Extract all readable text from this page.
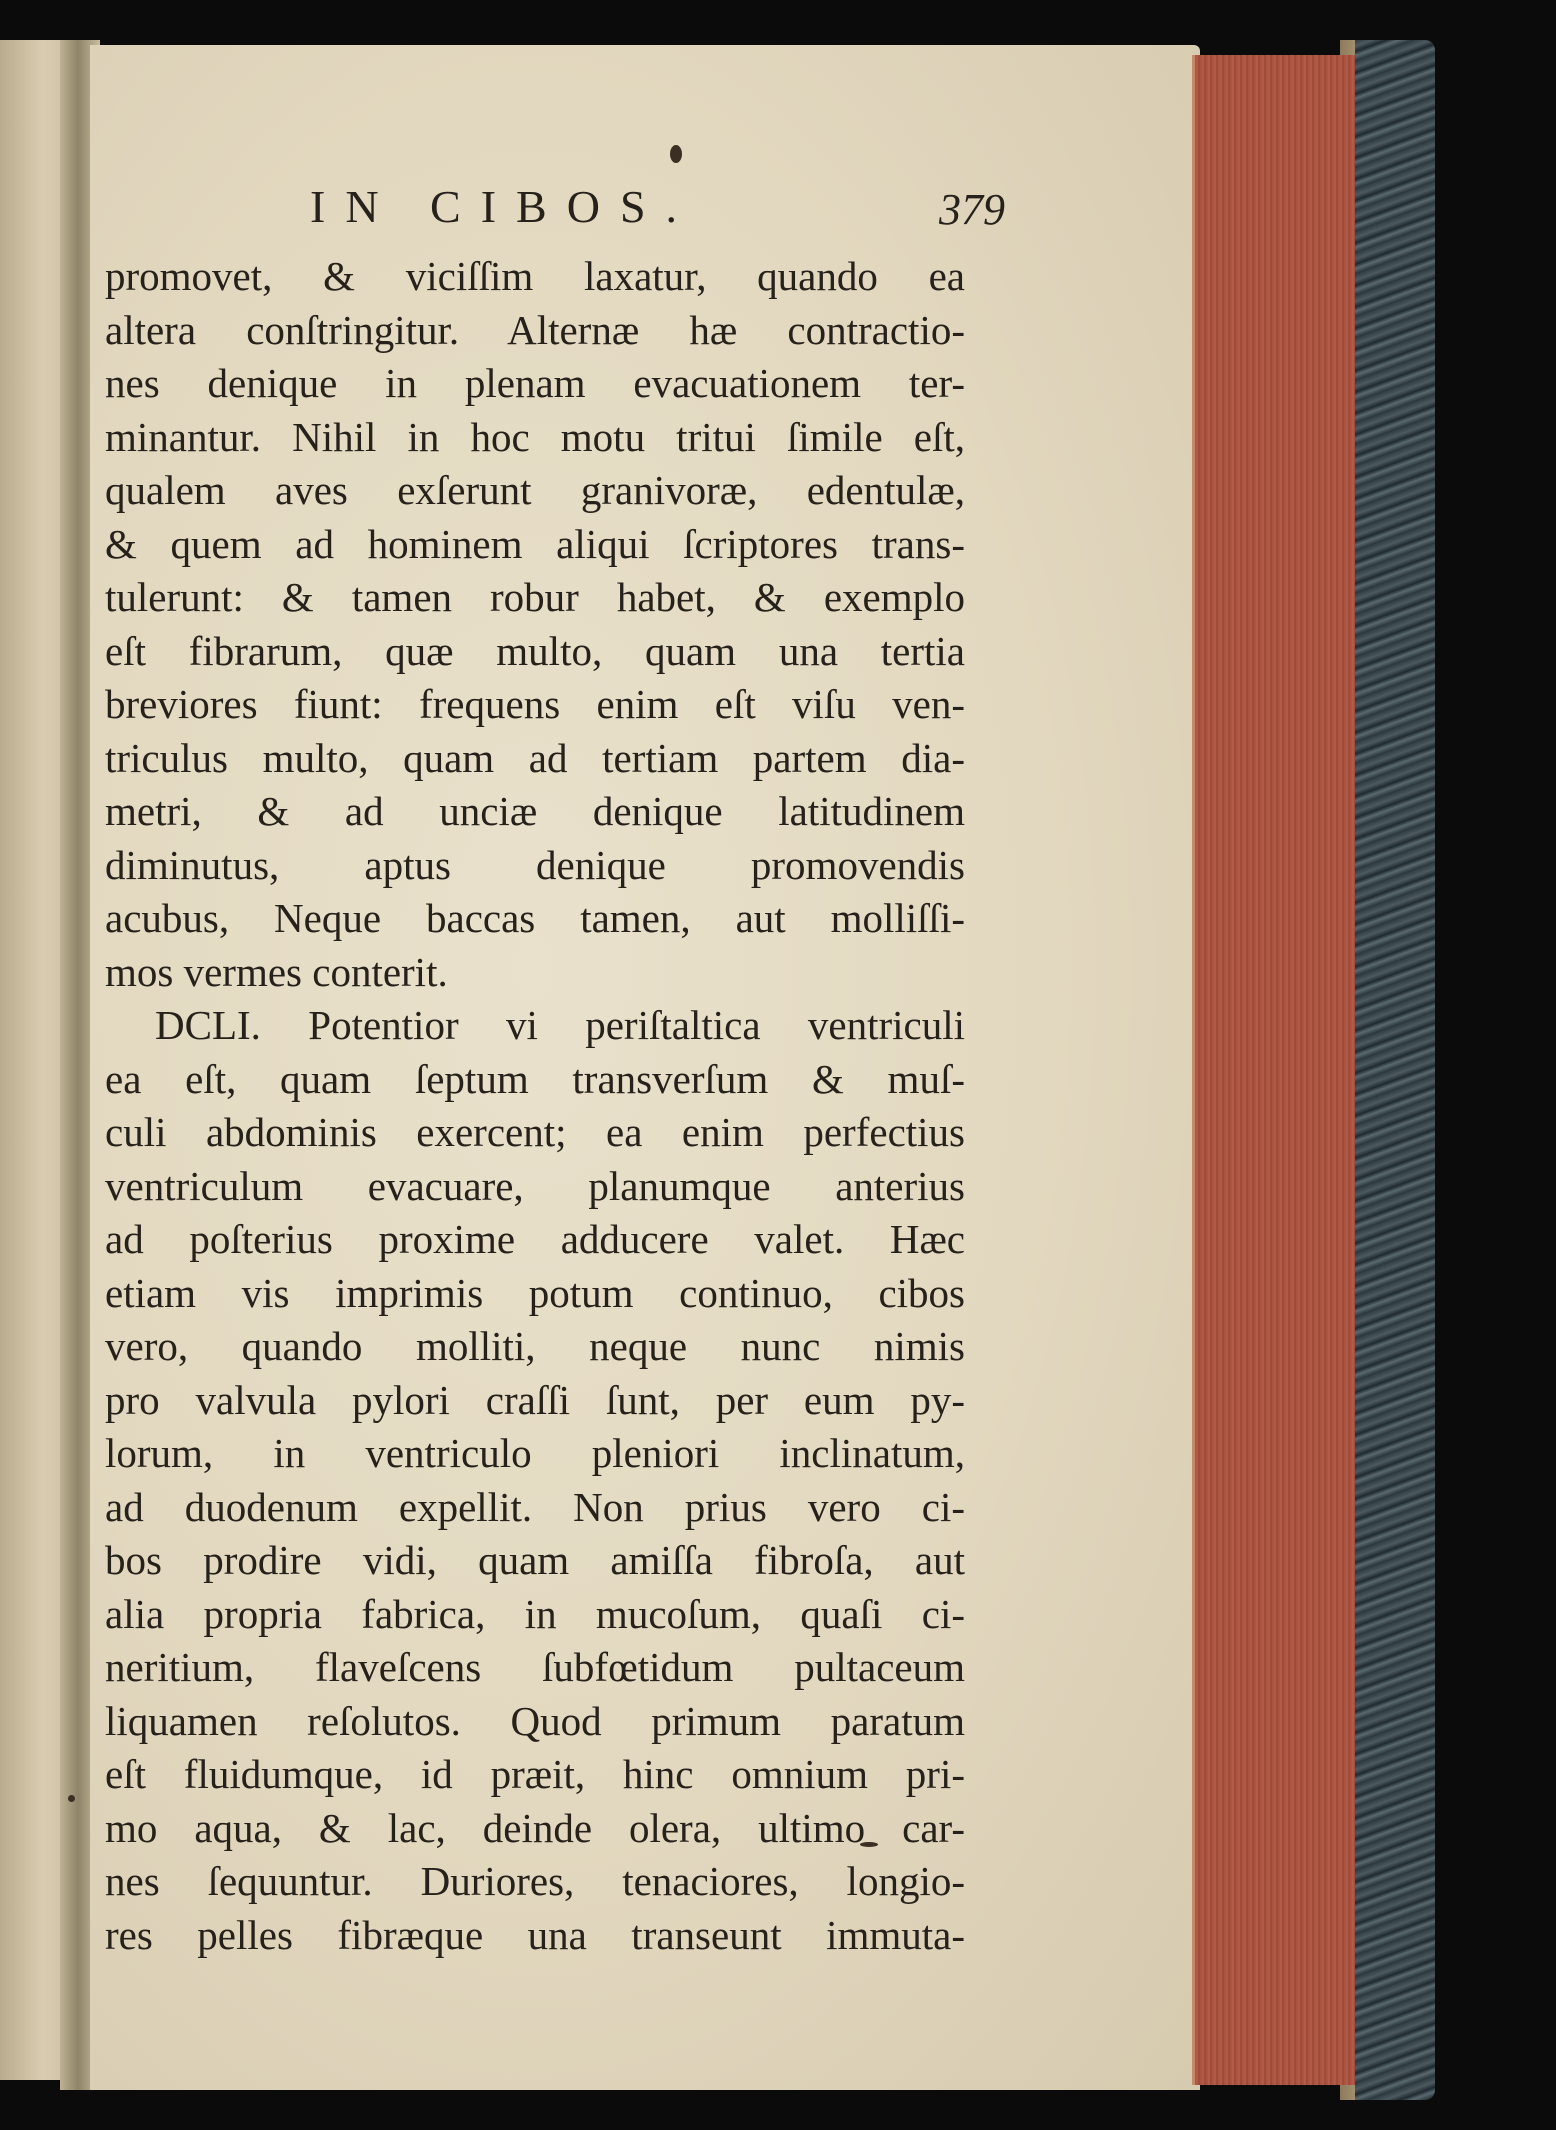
IN CIBOS.	379
promovet, & viciſſim laxatur, quando ea
altera conſtringitur. Alternæ hæ contractio-
nes denique in plenam evacuationem ter-
minantur. Nihil in hoc motu tritui ſimile eſt,
qualem aves exſerunt granivoræ, edentulæ,
& quem ad hominem aliqui ſcriptores trans-
tulerunt: & tamen robur habet, & exemplo
eſt fibrarum, quæ multo, quam una tertia
breviores fiunt: frequens enim eſt viſu ven-
triculus multo, quam ad tertiam partem dia-
metri, & ad unciæ denique latitudinem
diminutus, aptus denique promovendis
acubus, Neque baccas tamen, aut molliſſi-
mos vermes conterit.
DCLI. Potentior vi periſtaltica ventriculi
ea eſt, quam ſeptum transverſum & muſ-
culi abdominis exercent; ea enim perfectius
ventriculum evacuare, planumque anterius
ad poſterius proxime adducere valet. Hæc
etiam vis imprimis potum continuo, cibos
vero, quando molliti, neque nunc nimis
pro valvula pylori craſſi ſunt, per eum py-
lorum, in ventriculo pleniori inclinatum,
ad duodenum expellit. Non prius vero ci-
bos prodire vidi, quam amiſſa fibroſa, aut
alia propria fabrica, in mucoſum, quaſi ci-
neritium, flaveſcens ſubfœtidum pultaceum
liquamen reſolutos. Quod primum paratum
eſt fluidumque, id præit, hinc omnium pri-
mo aqua, & lac, deinde olera, ultimo car-
nes ſequuntur. Duriores, tenaciores, longio-
res pelles fibræque una transeunt immuta-
